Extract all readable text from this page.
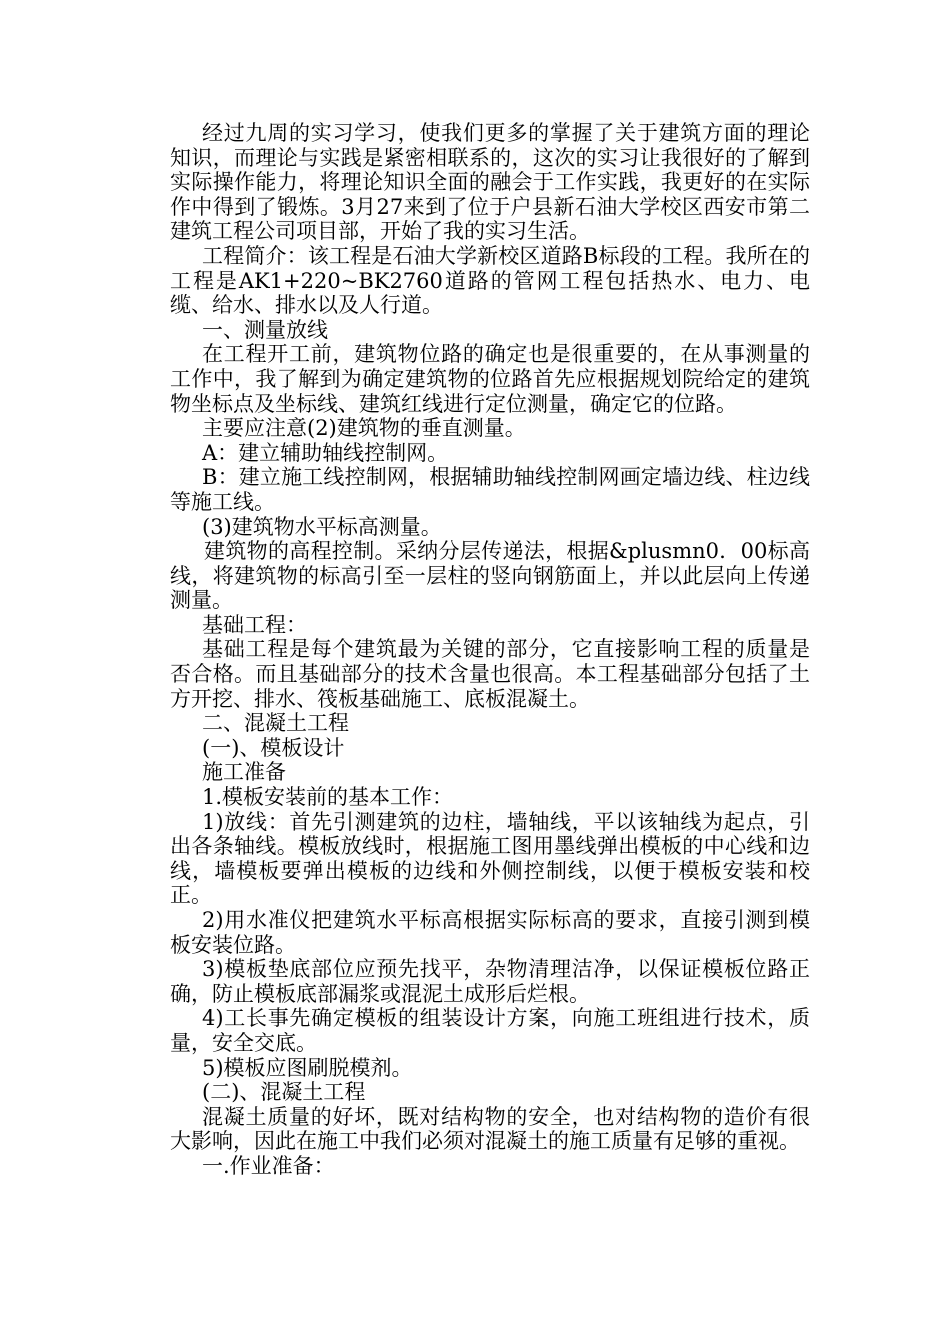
经过九周的实习学习，使我们更多的掌握了关于建筑方面的理论知识，而理论与实践是紧密相联系的，这次的实习让我很好的了解到实际操作能力，将理论知识全面的融会于工作实践，我更好的在实际作中得到了锻炼。3月27来到了位于户县新石油大学校区西安市第二建筑工程公司项目部，开始了我的实习生活。

工程简介：该工程是石油大学新校区道路B标段的工程。我所在的工程是AK1+220~BK2760道路的管网工程包括热水、电力、电缆、给水、排水以及人行道。

一、测量放线

在工程开工前，建筑物位路的确定也是很重要的，在从事测量的工作中，我了解到为确定建筑物的位路首先应根据规划院给定的建筑物坐标点及坐标线、建筑红线进行定位测量，确定它的位路。

主要应注意(2)建筑物的垂直测量。

A：建立辅助轴线控制网。

B：建立施工线控制网，根据辅助轴线控制网画定墙边线、柱边线等施工线。

(3)建筑物水平标高测量。

建筑物的高程控制。采纳分层传递法，根据&plusmn0．00标高线，将建筑物的标高引至一层柱的竖向钢筋面上，并以此层向上传递测量。

基础工程：

基础工程是每个建筑最为关键的部分，它直接影响工程的质量是否合格。而且基础部分的技术含量也很高。本工程基础部分包括了土方开挖、排水、筏板基础施工、底板混凝土。

二、混凝土工程

(一)、模板设计

施工准备

1.模板安装前的基本工作：

1)放线：首先引测建筑的边柱，墙轴线，平以该轴线为起点，引出各条轴线。模板放线时，根据施工图用墨线弹出模板的中心线和边线，墙模板要弹出模板的边线和外侧控制线，以便于模板安装和校正。

2)用水准仪把建筑水平标高根据实际标高的要求，直接引测到模板安装位路。

3)模板垫底部位应预先找平，杂物清理洁净，以保证模板位路正确，防止模板底部漏浆或混泥土成形后烂根。

4)工长事先确定模板的组装设计方案，向施工班组进行技术，质量，安全交底。

5)模板应图刷脱模剂。

(二)、混凝土工程

混凝土质量的好坏，既对结构物的安全，也对结构物的造价有很大影响，因此在施工中我们必须对混凝土的施工质量有足够的重视。

一.作业准备：
